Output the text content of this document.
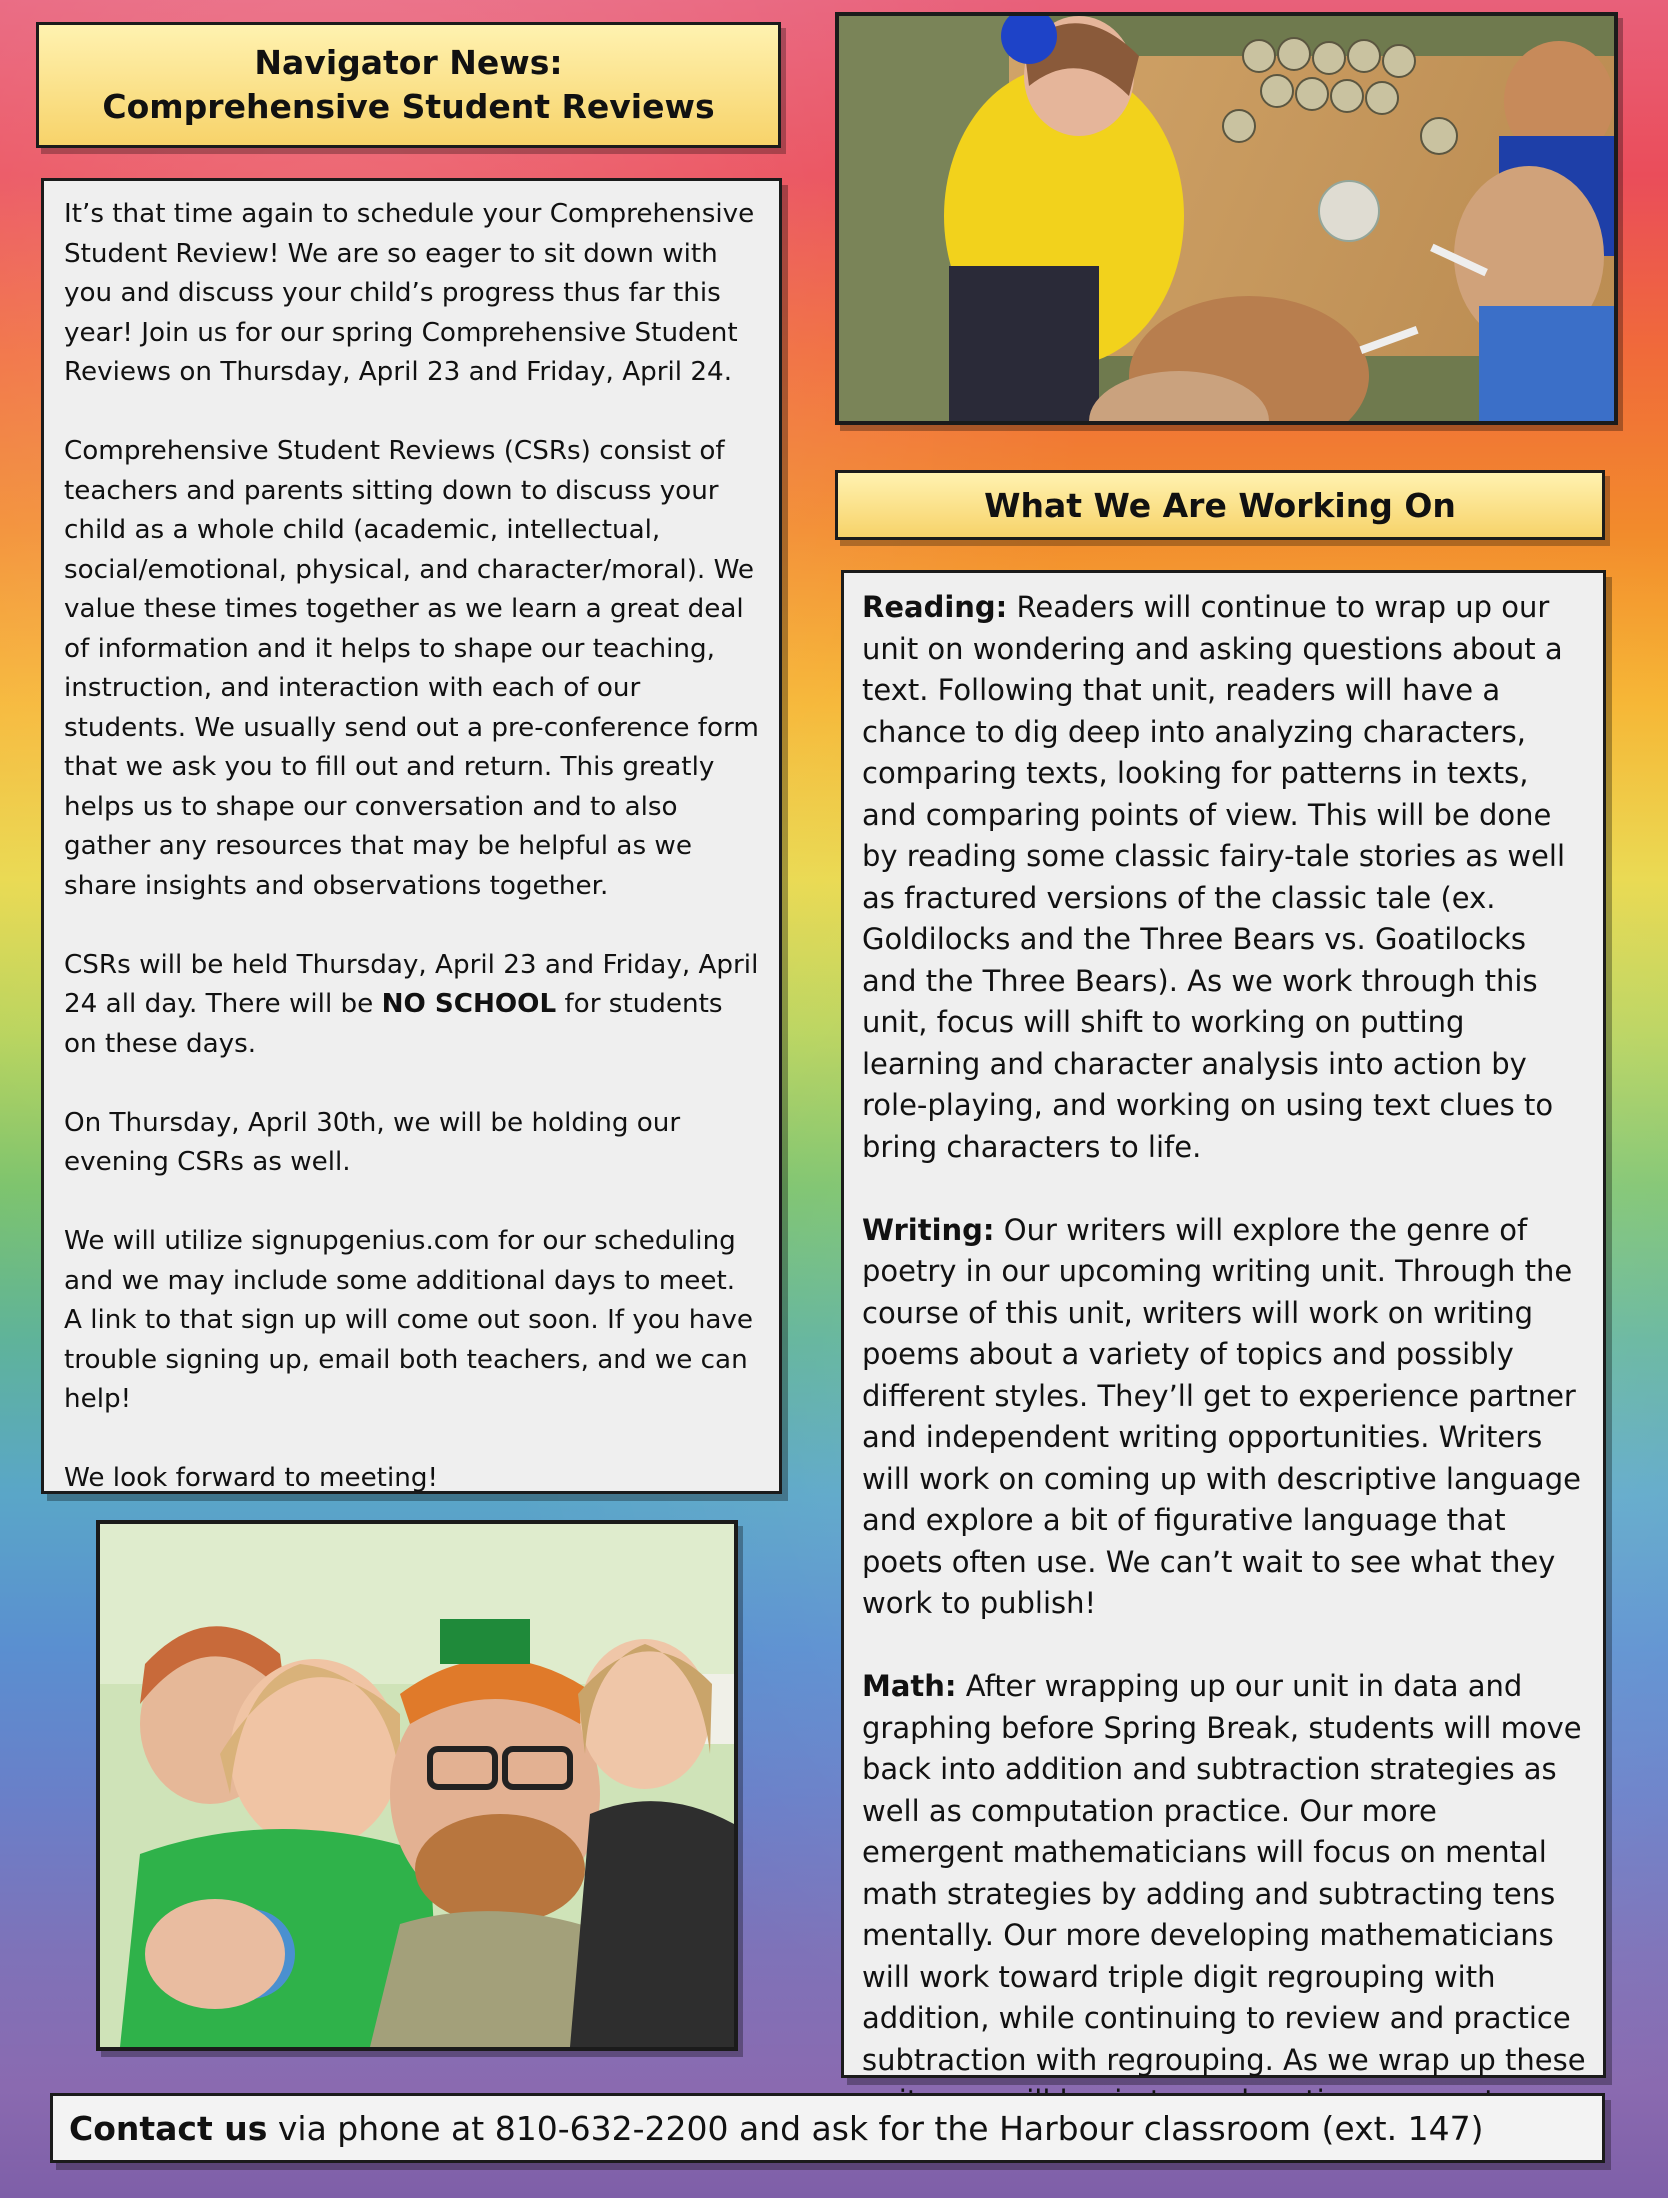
Navigator News:
Comprehensive Student Reviews

It’s that time again to schedule your Comprehensive Student Review! We are so eager to sit down with you and discuss your child’s progress thus far this year! Join us for our spring Comprehensive Student Reviews on Thursday, April 23 and Friday, April 24.

Comprehensive Student Reviews (CSRs) consist of teachers and parents sitting down to discuss your child as a whole child (academic, intellectual, social/emotional, physical, and character/moral). We value these times together as we learn a great deal of information and it helps to shape our teaching, instruction, and interaction with each of our students. We usually send out a pre-conference form that we ask you to fill out and return. This greatly helps us to shape our conversation and to also gather any resources that may be helpful as we share insights and observations together.

CSRs will be held Thursday, April 23 and Friday, April 24 all day. There will be NO SCHOOL for students on these days.

On Thursday, April 30th, we will be holding our evening CSRs as well.

We will utilize signupgenius.com for our scheduling and we may include some additional days to meet. A link to that sign up will come out soon. If you have trouble signing up, email both teachers, and we can help!

We look forward to meeting!

What We Are Working On

Reading: Readers will continue to wrap up our unit on wondering and asking questions about a text. Following that unit, readers will have a chance to dig deep into analyzing characters, comparing texts, looking for patterns in texts, and comparing points of view. This will be done by reading some classic fairy-tale stories as well as fractured versions of the classic tale (ex. Goldilocks and the Three Bears vs. Goatilocks and the Three Bears). As we work through this unit, focus will shift to working on putting learning and character analysis into action by role-playing, and working on using text clues to bring characters to life.

Writing: Our writers will explore the genre of poetry in our upcoming writing unit. Through the course of this unit, writers will work on writing poems about a variety of topics and possibly different styles. They’ll get to experience partner and independent writing opportunities. Writers will work on coming up with descriptive language and explore a bit of figurative language that poets often use. We can’t wait to see what they work to publish!

Math: After wrapping up our unit in data and graphing before Spring Break, students will move back into addition and subtraction strategies as well as computation practice. Our more emergent mathematicians will focus on mental math strategies by adding and subtracting tens mentally. Our more developing mathematicians will work toward triple digit regrouping with addition, while continuing to review and practice subtraction with regrouping. As we wrap up these

Contact us via phone at 810-632-2200 and ask for the Harbour classroom (ext. 147)
